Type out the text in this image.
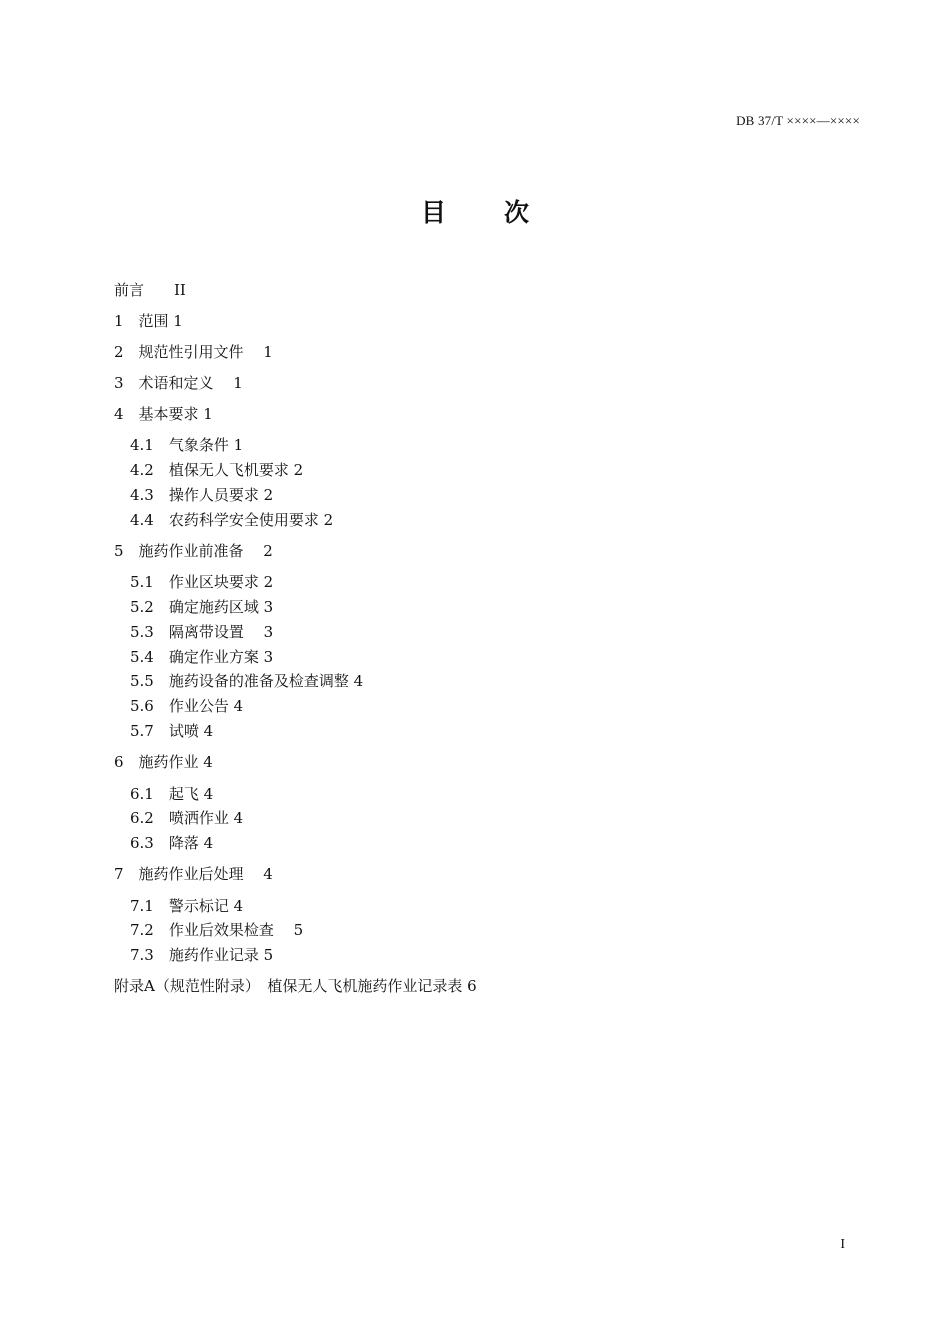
DB 37/T ××××—××××
目 次
前言　　II
1　范围 1
2　规范性引用文件　 1
3　术语和定义　 1
4　基本要求 1
4.1　气象条件 1
4.2　植保无人飞机要求 2
4.3　操作人员要求 2
4.4　农药科学安全使用要求 2
5　施药作业前准备　 2
5.1　作业区块要求 2
5.2　确定施药区域 3
5.3　隔离带设置　 3
5.4　确定作业方案 3
5.5　施药设备的准备及检查调整 4
5.6　作业公告 4
5.7　试喷 4
6　施药作业 4
6.1　起飞 4
6.2　喷洒作业 4
6.3　降落 4
7　施药作业后处理　 4
7.1　警示标记 4
7.2　作业后效果检查　 5
7.3　施药作业记录 5
附录A（规范性附录）　植保无人飞机施药作业记录表 6
I
